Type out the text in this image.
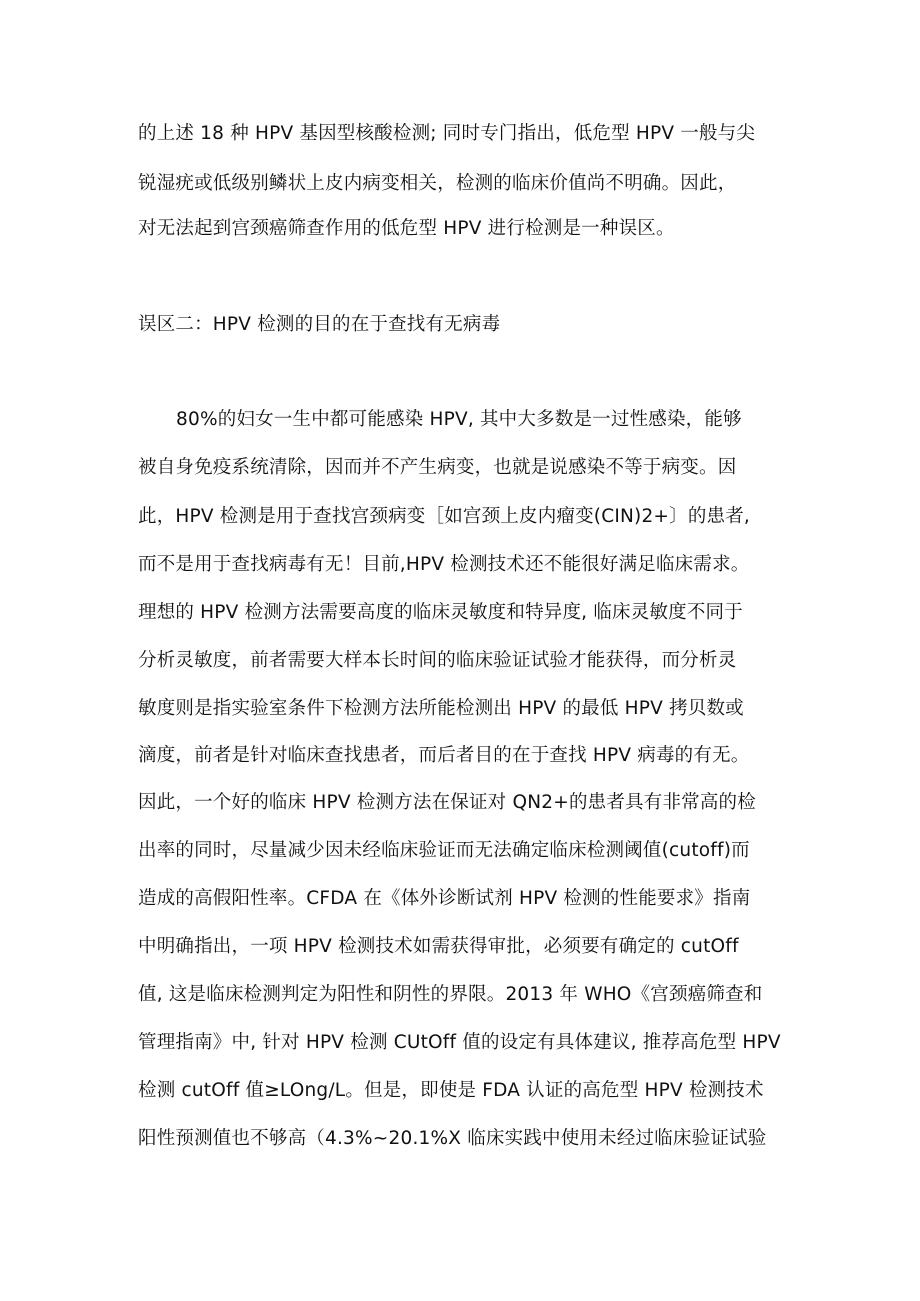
的上述 18 种 HPV 基因型核酸检测; 同时专门指出，低危型 HPV 一般与尖
锐湿疣或低级别鳞状上皮内病变相关，检测的临床价值尚不明确。因此，
对无法起到宫颈癌筛查作用的低危型 HPV 进行检测是一种误区。
误区二：HPV 检测的目的在于查找有无病毒
80%的妇女一生中都可能感染 HPV, 其中大多数是一过性感染，能够
被自身免疫系统清除，因而并不产生病变，也就是说感染不等于病变。因
此，HPV 检测是用于查找宫颈病变［如宫颈上皮内瘤变(CIN)2+〕的患者,
而不是用于查找病毒有无！目前,HPV 检测技术还不能很好满足临床需求。
理想的 HPV 检测方法需要高度的临床灵敏度和特异度, 临床灵敏度不同于
分析灵敏度，前者需要大样本长时间的临床验证试验才能获得，而分析灵
敏度则是指实验室条件下检测方法所能检测出 HPV 的最低 HPV 拷贝数或
滴度，前者是针对临床查找患者，而后者目的在于查找 HPV 病毒的有无。
因此，一个好的临床 HPV 检测方法在保证对 QN2+的患者具有非常高的检
出率的同时，尽量减少因未经临床验证而无法确定临床检测阈值(cutoff)而
造成的高假阳性率。CFDA 在《体外诊断试剂 HPV 检测的性能要求》指南
中明确指出，一项 HPV 检测技术如需获得审批，必须要有确定的 cutOff
值, 这是临床检测判定为阳性和阴性的界限。2013 年 WHO《宫颈癌筛查和
管理指南》中, 针对 HPV 检测 CUtOff 值的设定有具体建议, 推荐高危型 HPV
检测 cutOff 值≥LOng∕L。但是，即使是 FDA 认证的高危型 HPV 检测技术
阳性预测值也不够高（4.3%~20.1%X 临床实践中使用未经过临床验证试验
